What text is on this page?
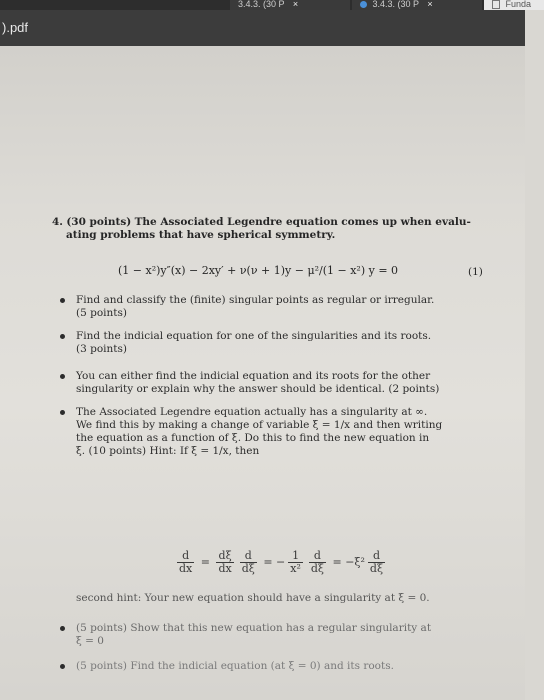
3.4.3. (30 P ×	3.4.3. (30 P ×	Funda
).pdf
4. (30 points) The Associated Legendre equation comes up when evalu-
ating problems that have spherical symmetry.
(1 − x²)y″(x) − 2xy′ + ν(ν + 1)y − μ²/(1 − x²) y = 0	(1)
Find and classify the (finite) singular points as regular or irregular.
(5 points)
Find the indicial equation for one of the singularities and its roots.
(3 points)
You can either find the indicial equation and its roots for the other
singularity or explain why the answer should be identical. (2 points)
The Associated Legendre equation actually has a singularity at ∞.
We find this by making a change of variable ξ = 1/x and then writing
the equation as a function of ξ. Do this to find the new equation in
ξ. (10 points) Hint: If ξ = 1/x, then
(5 points) Show that this new equation has a regular singularity at
ξ = 0
(5 points) Find the indicial equation (at ξ = 0) and its roots.
$\frac{d}{dx} = \frac{d\xi}{dx} \frac{d}{d\xi}$ = − $\frac{1}{\text{x²}} \frac{d}{d\xi} = -\xi^2 \frac{d}{d\xi}$
second hint: Your new equation should have a singularity at ξ = 0.
